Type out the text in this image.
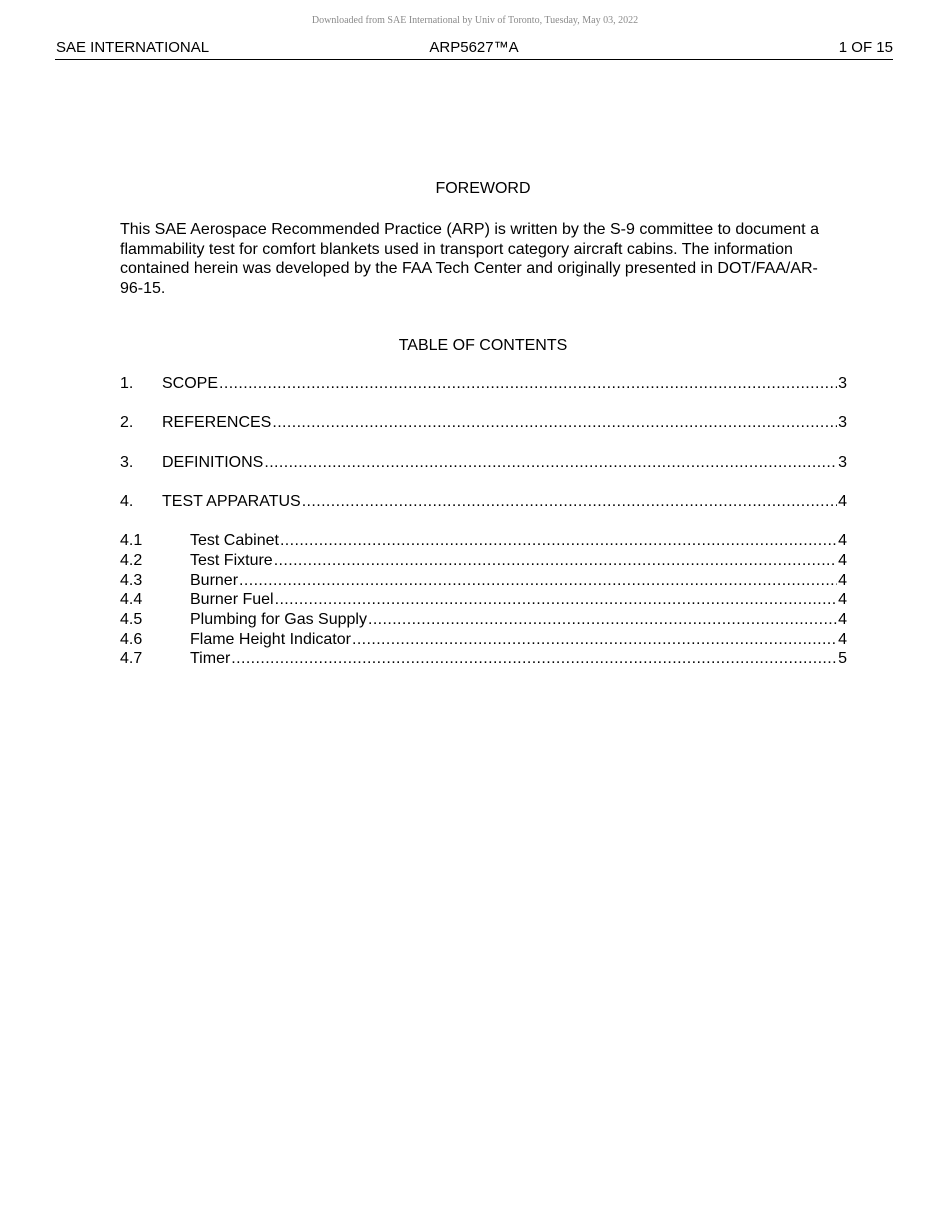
Downloaded from SAE International by Univ of Toronto, Tuesday, May 03, 2022
SAE INTERNATIONAL	ARP5627™A	1 OF 15
FOREWORD
This SAE Aerospace Recommended Practice (ARP) is written by the S-9 committee to document a flammability test for comfort blankets used in transport category aircraft cabins. The information contained herein was developed by the FAA Tech Center and originally presented in DOT/FAA/AR-96-15.
TABLE OF CONTENTS
1.	SCOPE .....	3
2.	REFERENCES .....	3
3.	DEFINITIONS .....	3
4.	TEST APPARATUS .....	4
4.1	Test Cabinet .....	4
4.2	Test Fixture .....	4
4.3	Burner .....	4
4.4	Burner Fuel .....	4
4.5	Plumbing for Gas Supply .....	4
4.6	Flame Height Indicator .....	4
4.7	Timer .....	5
